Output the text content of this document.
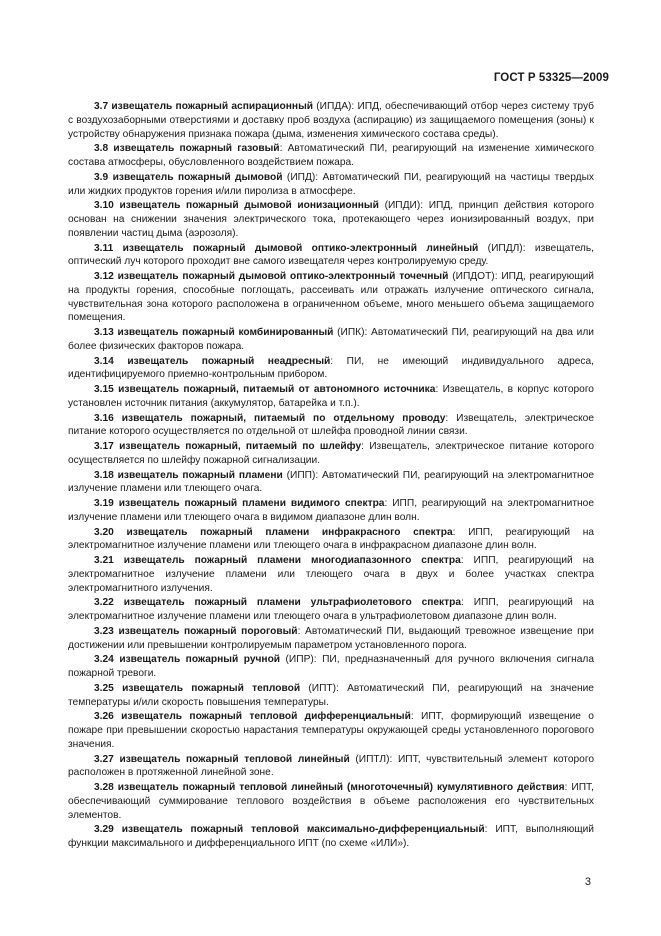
ГОСТ Р 53325—2009

3.7 извещатель пожарный аспирационный (ИПДА): ИПД, обеспечивающий отбор через систему труб с воздухозаборными отверстиями и доставку проб воздуха (аспирацию) из защищаемого помещения (зоны) к устройству обнаружения признака пожара (дыма, изменения химического состава среды).

3.8 извещатель пожарный газовый: Автоматический ПИ, реагирующий на изменение химического состава атмосферы, обусловленного воздействием пожара.

3.9 извещатель пожарный дымовой (ИПД): Автоматический ПИ, реагирующий на частицы твердых или жидких продуктов горения и/или пиролиза в атмосфере.

3.10 извещатель пожарный дымовой ионизационный (ИПДИ): ИПД, принцип действия которого основан на снижении значения электрического тока, протекающего через ионизированный воздух, при появлении частиц дыма (аэрозоля).

3.11 извещатель пожарный дымовой оптико-электронный линейный (ИПДЛ): извещатель, оптический луч которого проходит вне самого извещателя через контролируемую среду.

3.12 извещатель пожарный дымовой оптико-электронный точечный (ИПДОТ): ИПД, реагирующий на продукты горения, способные поглощать, рассеивать или отражать излучение оптического сигнала, чувствительная зона которого расположена в ограниченном объеме, много меньшего объема защищаемого помещения.

3.13 извещатель пожарный комбинированный (ИПК): Автоматический ПИ, реагирующий на два или более физических факторов пожара.

3.14 извещатель пожарный неадресный: ПИ, не имеющий индивидуального адреса, идентифицируемого приемно-контрольным прибором.

3.15 извещатель пожарный, питаемый от автономного источника: Извещатель, в корпус которого установлен источник питания (аккумулятор, батарейка и т.п.).

3.16 извещатель пожарный, питаемый по отдельному проводу: Извещатель, электрическое питание которого осуществляется по отдельной от шлейфа проводной линии связи.

3.17 извещатель пожарный, питаемый по шлейфу: Извещатель, электрическое питание которого осуществляется по шлейфу пожарной сигнализации.

3.18 извещатель пожарный пламени (ИПП): Автоматический ПИ, реагирующий на электромагнитное излучение пламени или тлеющего очага.

3.19 извещатель пожарный пламени видимого спектра: ИПП, реагирующий на электромагнитное излучение пламени или тлеющего очага в видимом диапазоне длин волн.

3.20 извещатель пожарный пламени инфракрасного спектра: ИПП, реагирующий на электромагнитное излучение пламени или тлеющего очага в инфракрасном диапазоне длин волн.

3.21 извещатель пожарный пламени многодиапазонного спектра: ИПП, реагирующий на электромагнитное излучение пламени или тлеющего очага в двух и более участках спектра электромагнитного излучения.

3.22 извещатель пожарный пламени ультрафиолетового спектра: ИПП, реагирующий на электромагнитное излучение пламени или тлеющего очага в ультрафиолетовом диапазоне длин волн.

3.23 извещатель пожарный пороговый: Автоматический ПИ, выдающий тревожное извещение при достижении или превышении контролируемым параметром установленного порога.

3.24 извещатель пожарный ручной (ИПР): ПИ, предназначенный для ручного включения сигнала пожарной тревоги.

3.25 извещатель пожарный тепловой (ИПТ): Автоматический ПИ, реагирующий на значение температуры и/или скорость повышения температуры.

3.26 извещатель пожарный тепловой дифференциальный: ИПТ, формирующий извещение о пожаре при превышении скоростью нарастания температуры окружающей среды установленного порогового значения.

3.27 извещатель пожарный тепловой линейный (ИПТЛ): ИПТ, чувствительный элемент которого расположен в протяженной линейной зоне.

3.28 извещатель пожарный тепловой линейный (многоточечный) кумулятивного действия: ИПТ, обеспечивающий суммирование теплового воздействия в объеме расположения его чувствительных элементов.

3.29 извещатель пожарный тепловой максимально-дифференциальный: ИПТ, выполняющий функции максимального и дифференциального ИПТ (по схеме «ИЛИ»).

3
